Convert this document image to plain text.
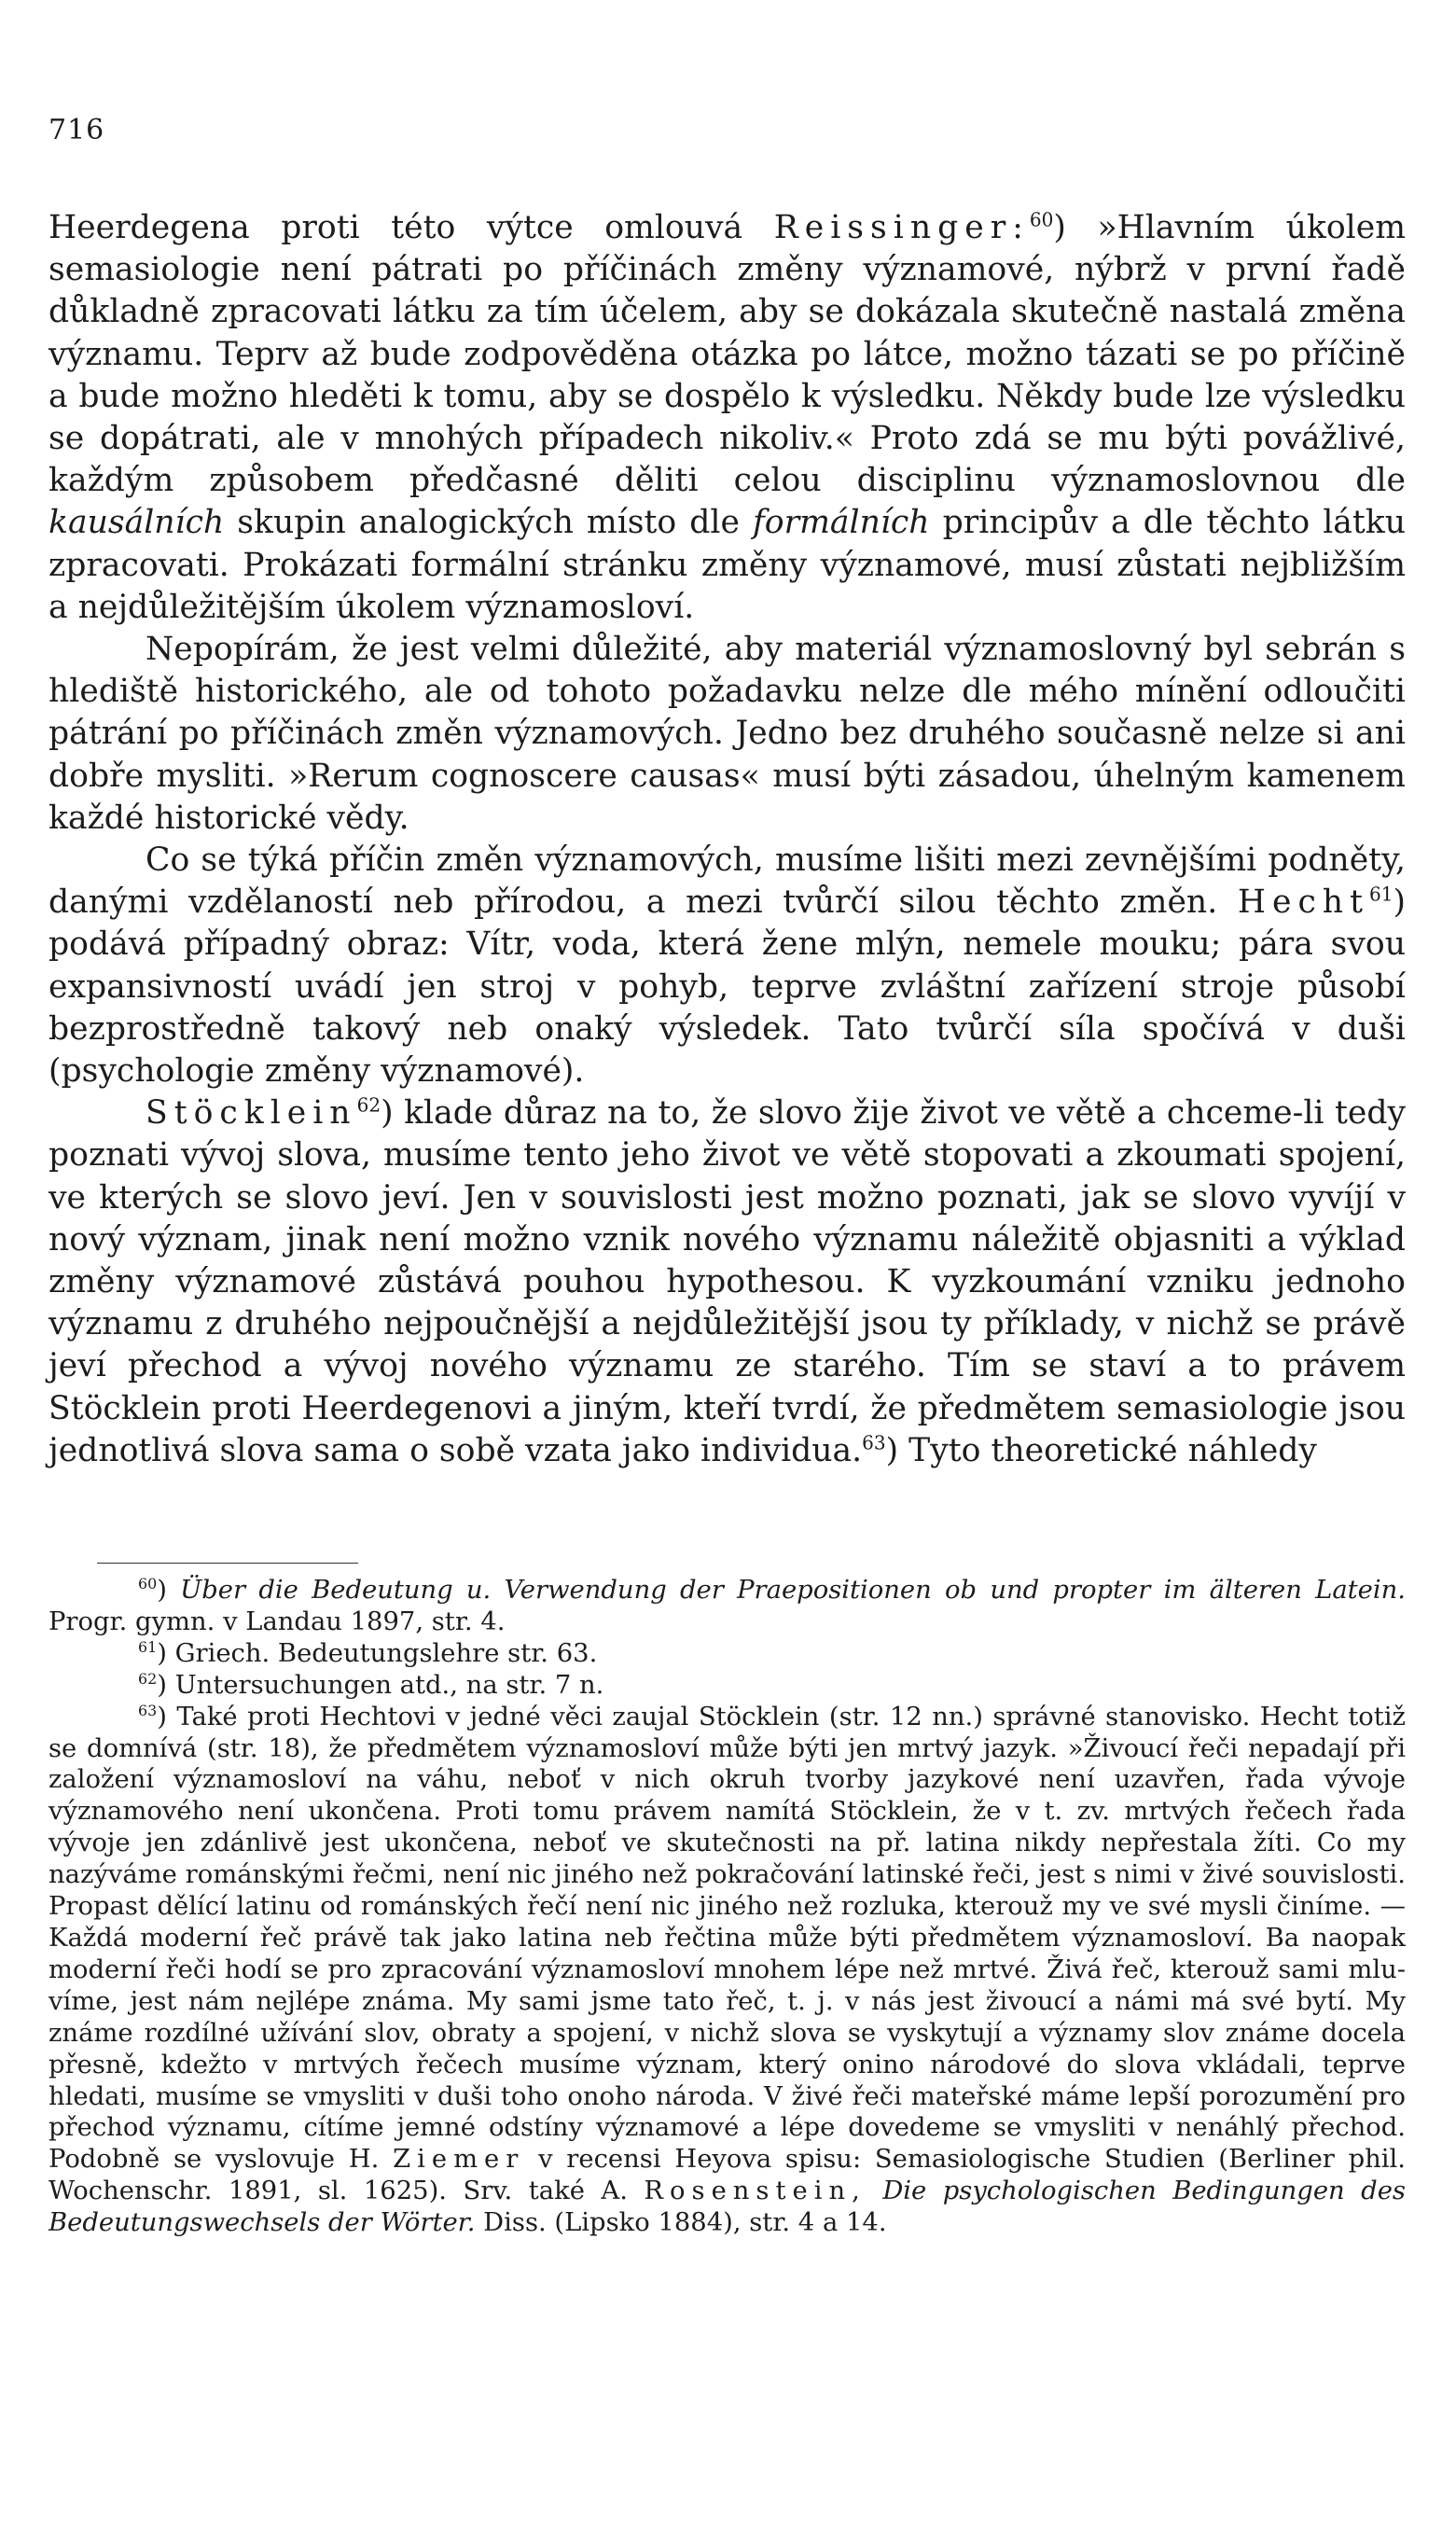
716

Heerdegena proti této výtce omlouvá Reissinger:$^{60}$) »Hlavním úkolem semasiologie není pátrati po příčinách změny významové, nýbrž v první řadě důkladně zpracovati látku za tím účelem, aby se dokázala skutečně nastalá změna významu. Teprv až bude zodpověděna otázka po látce, možno tázati se po příčině a bude možno hleděti k tomu, aby se dospělo k výsledku. Někdy bude lze výsledku se dopátrati, ale v mnohých případech nikoliv.« Proto zdá se mu býti povážlivé, každým způsobem předčasné děliti celou disciplinu významoslovnou dle kausálních skupin analogických místo dle formálních principův a dle těchto látku zpracovati. Prokázati formální stránku změny významové, musí zůstati nejbližším a nejdůležitějším úkolem významosloví.

Nepopírám, že jest velmi důležité, aby materiál významoslovný byl sebrán s hlediště historického, ale od tohoto požadavku nelze dle mého mínění odloučiti pátrání po příčinách změn významových. Jedno bez druhého současně nelze si ani dobře mysliti. »Rerum cognoscere causas« musí býti zásadou, úhelným kamenem každé historické vědy.

Co se týká příčin změn významových, musíme lišiti mezi zevnějšími podněty, danými vzdělaností neb přírodou, a mezi tvůrčí silou těchto změn. Hecht$^{61}$) podává případný obraz: Vítr, voda, která žene mlýn, nemele mouku; pára svou expansivností uvádí jen stroj v pohyb, teprve zvláštní zařízení stroje působí bezprostředně takový neb onaký výsledek. Tato tvůrčí síla spočívá v duši (psychologie změny významové).

Stöcklein$^{62}$) klade důraz na to, že slovo žije život ve větě a chceme-li tedy poznati vývoj slova, musíme tento jeho život ve větě stopovati a zkoumati spojení, ve kterých se slovo jeví. Jen v souvislosti jest možno poznati, jak se slovo vyvíjí v nový význam, jinak není možno vznik nového významu náležitě objasniti a výklad změny významové zůstává pouhou hypothesou. K vyzkoumání vzniku jednoho významu z druhého nejpoučnější a nejdůležitější jsou ty příklady, v nichž se právě jeví přechod a vývoj nového významu ze starého. Tím se staví a to právem Stöcklein proti Heerdegenovi a jiným, kteří tvrdí, že předmětem semasiologie jsou jednotlivá slova sama o sobě vzata jako individua.$^{63}$) Tyto theoretické náhledy

$^{60}$) Über die Bedeutung u. Verwendung der Praepositionen ob und propter im älteren Latein. Progr. gymn. v Landau 1897, str. 4.

$^{61}$) Griech. Bedeutungslehre str. 63.

$^{62}$) Untersuchungen atd., na str. 7 n.

$^{63}$) Také proti Hechtovi v jedné věci zaujal Stöcklein (str. 12 nn.) správné stanovisko. Hecht totiž se domnívá (str. 18), že předmětem významosloví může býti jen mrtvý jazyk. »Živoucí řeči nepadají při založení významosloví na váhu, neboť v nich okruh tvorby jazykové není uzavřen, řada vývoje významového není ukončena. Proti tomu právem namítá Stöcklein, že v t. zv. mrtvých řečech řada vývoje jen zdánlivě jest ukončena, neboť ve skutečnosti na př. latina nikdy nepřestala žíti. Co my nazýváme románskými řečmi, není nic jiného než pokračování latinské řeči, jest s nimi v živé souvislosti. Propast dělící latinu od románských řečí není nic jiného než rozluka, kterouž my ve své mysli činíme. — Každá moderní řeč právě tak jako latina neb řečtina může býti předmětem významosloví. Ba naopak moderní řeči hodí se pro zpracování významosloví mnohem lépe než mrtvé. Živá řeč, kterouž sami mluvíme, jest nám nejlépe známa. My sami jsme tato řeč, t. j. v nás jest živoucí a námi má své bytí. My známe rozdílné užívání slov, obraty a spojení, v nichž slova se vyskytují a významy slov známe docela přesně, kdežto v mrtvých řečech musíme význam, který onino národové do slova vkládali, teprve hledati, musíme se vmysliti v duši toho onoho národa. V živé řeči mateřské máme lepší porozumění pro přechod významu, cítíme jemné odstíny významové a lépe dovedeme se vmysliti v nenáhlý přechod. Podobně se vyslovuje H. Ziemer v recensi Heyova spisu: Semasiologische Studien (Berliner phil. Wochenschr. 1891, sl. 1625). Srv. také A. Rosenstein, Die psychologischen Bedingungen des Bedeutungswechsels der Wörter. Diss. (Lipsko 1884), str. 4 a 14.
